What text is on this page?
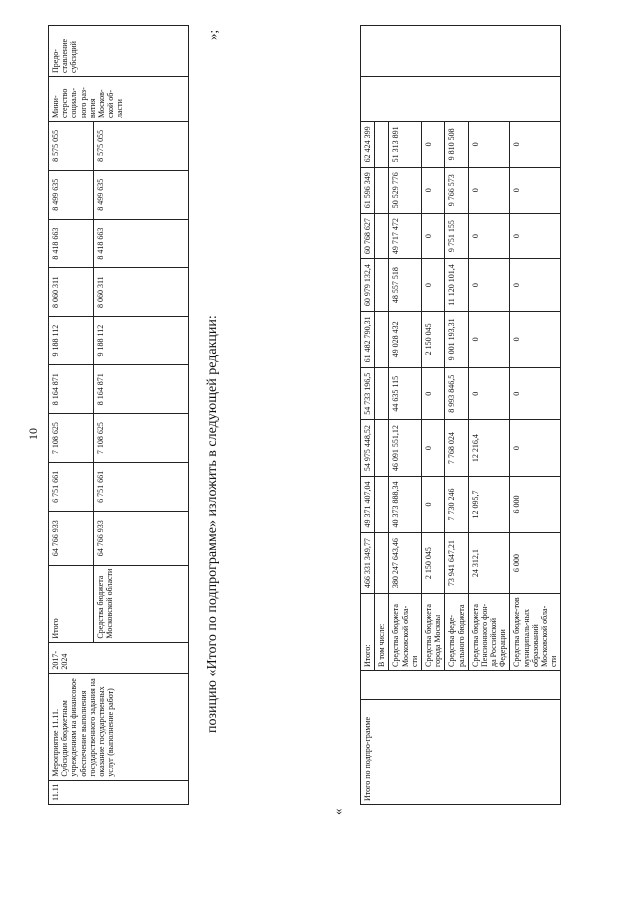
10
11.11	Мероприятие 11.11. Субсидии бюджетным учреждениям на финансовое обеспечение выполнения государственного задания на оказание государственных услуг (выполнение работ)	2017-2024	Итого	64 766 933	6 751 661	7 108 625	8 164 871	9 188 112	8 060 311	8 418 663	8 499 635	8 575 055	Мини-стерство социаль-ного раз-вития Москов-ской об-ласти	Предо-ставление субсидий
			Средства бюджета Московской области	64 766 933	6 751 661	7 108 625	8 164 871	9 188 112	8 060 311	8 418 663	8 499 635	8 575 055		
позицию «Итого по подпрограмме» изложить в следующей редакции:
»;
«
Итого по подпро-грамме		Итого:	466 331 349,77	49 371 407,04	54 975 448,52	54 733 196,5	61 482 790,31	60 979 132,4	60 768 627	61 596 349	62 424 399		
		В том числе:											
		Средства бюджета Московской обла-сти	380 247 643,46	40 373 888,34	46 091 551,12	44 635 115	49 028 432	48 557 518	49 717 472	50 529 776	51 313 891		
		Средства бюджета города Москвы	2 150 045	0	0	0	2 150 045	0	0	0	0		
		Средства феде-рального бюджета	73 941 647,21	7 730 246	7 768 024	8 993 846,5	9 001 193,31	11 120 101,4	9 751 155	9 766 573	9 810 508		
		Средства бюджета Пенсионного фон-да Российской Федерации	24 312,1	12 095,7	12 216,4	0	0	0	0	0	0		
		Средства бюдже-тов муниципаль-ных образований Московской обла-сти	6 000	6 000	0	0	0	0	0	0	0		
